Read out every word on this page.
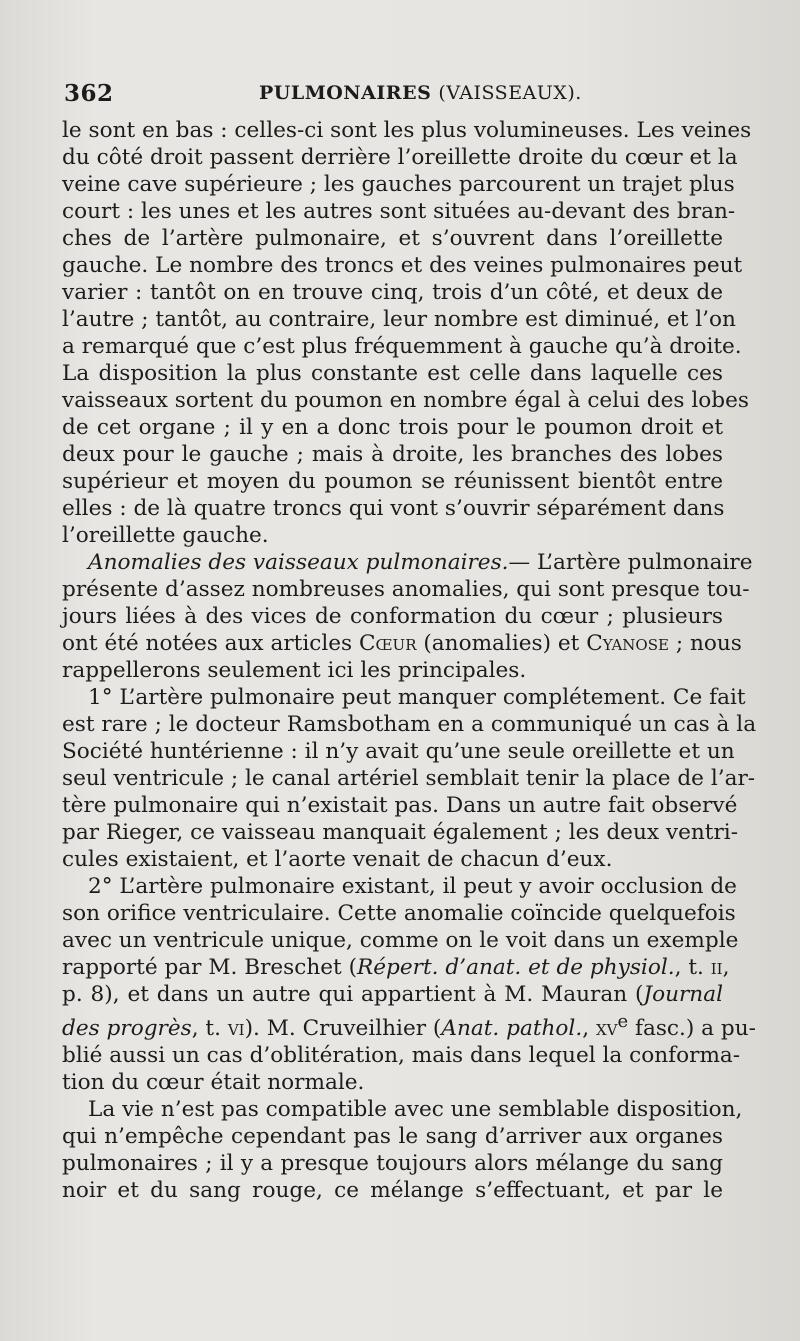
362	PULMONAIRES (VAISSEAUX).
le sont en bas : celles-ci sont les plus volumineuses. Les veines
du côté droit passent derrière l’oreillette droite du cœur et la
veine cave supérieure ; les gauches parcourent un trajet plus
court : les unes et les autres sont situées au-devant des bran-
ches de l’artère pulmonaire, et s’ouvrent dans l’oreillette
gauche. Le nombre des troncs et des veines pulmonaires peut
varier : tantôt on en trouve cinq, trois d’un côté, et deux de
l’autre ; tantôt, au contraire, leur nombre est diminué, et l’on
a remarqué que c’est plus fréquemment à gauche qu’à droite.
La disposition la plus constante est celle dans laquelle ces
vaisseaux sortent du poumon en nombre égal à celui des lobes
de cet organe ; il y en a donc trois pour le poumon droit et
deux pour le gauche ; mais à droite, les branches des lobes
supérieur et moyen du poumon se réunissent bientôt entre
elles : de là quatre troncs qui vont s’ouvrir séparément dans
l’oreillette gauche.
Anomalies des vaisseaux pulmonaires.— L’artère pulmonaire
présente d’assez nombreuses anomalies, qui sont presque tou-
jours liées à des vices de conformation du cœur ; plusieurs
ont été notées aux articles Cœur (anomalies) et Cyanose ; nous
rappellerons seulement ici les principales.
1° L’artère pulmonaire peut manquer complétement. Ce fait
est rare ; le docteur Ramsbotham en a communiqué un cas à la
Société huntérienne : il n’y avait qu’une seule oreillette et un
seul ventricule ; le canal artériel semblait tenir la place de l’ar-
tère pulmonaire qui n’existait pas. Dans un autre fait observé
par Rieger, ce vaisseau manquait également ; les deux ventri-
cules existaient, et l’aorte venait de chacun d’eux.
2° L’artère pulmonaire existant, il peut y avoir occlusion de
son orifice ventriculaire. Cette anomalie coïncide quelquefois
avec un ventricule unique, comme on le voit dans un exemple
rapporté par M. Breschet (Répert. d’anat. et de physiol., t. ii,
p. 8), et dans un autre qui appartient à M. Mauran (Journal
des progrès, t. vi). M. Cruveilhier (Anat. pathol., $xv^e$ fasc.) a pu-
blié aussi un cas d’oblitération, mais dans lequel la conforma-
tion du cœur était normale.
La vie n’est pas compatible avec une semblable disposition,
qui n’empêche cependant pas le sang d’arriver aux organes
pulmonaires ; il y a presque toujours alors mélange du sang
noir et du sang rouge, ce mélange s’effectuant, et par le
